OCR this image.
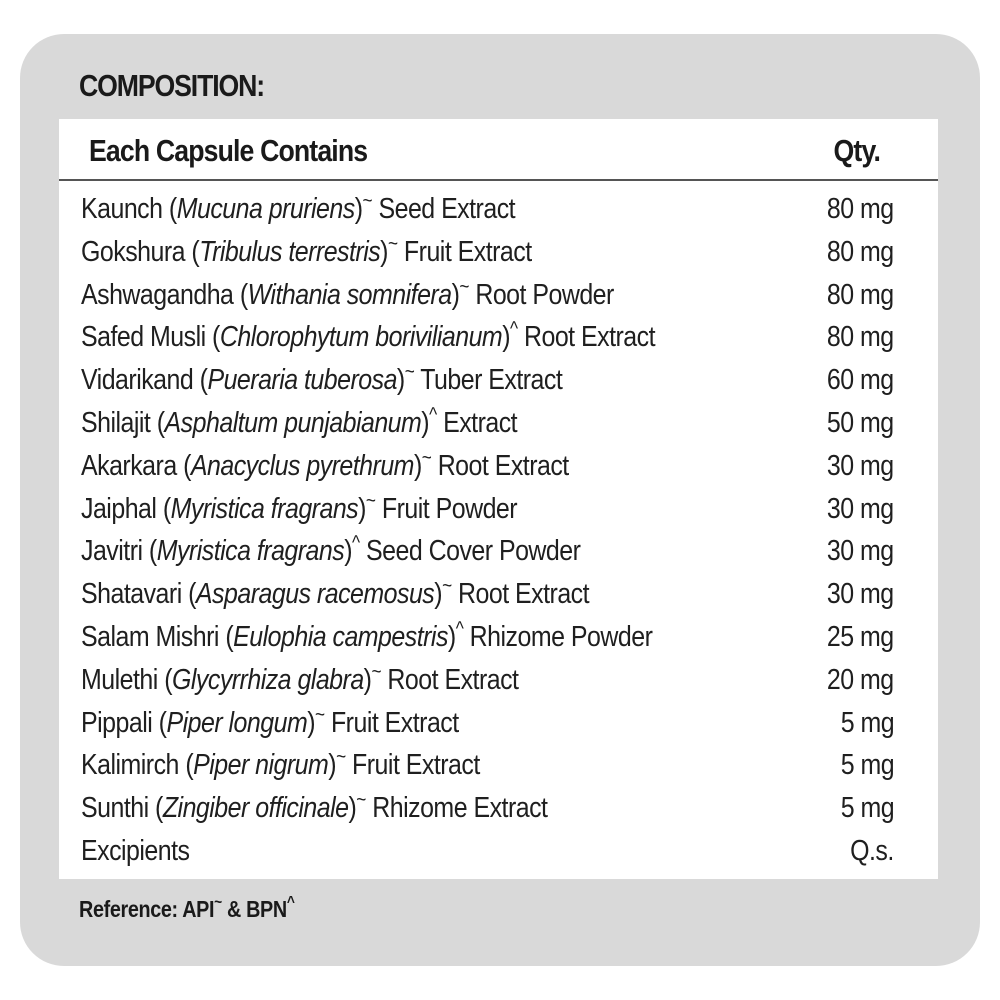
COMPOSITION:
Each Capsule Contains	Qty.
Kaunch (Mucuna pruriens)~ Seed Extract	80 mg
Gokshura (Tribulus terrestris)~ Fruit Extract	80 mg
Ashwagandha (Withania somnifera)~ Root Powder	80 mg
Safed Musli (Chlorophytum borivilianum)^ Root Extract	80 mg
Vidarikand (Pueraria tuberosa)~ Tuber Extract	60 mg
Shilajit (Asphaltum punjabianum)^ Extract	50 mg
Akarkara (Anacyclus pyrethrum)~ Root Extract	30 mg
Jaiphal (Myristica fragrans)~ Fruit Powder	30 mg
Javitri (Myristica fragrans)^ Seed Cover Powder	30 mg
Shatavari (Asparagus racemosus)~ Root Extract	30 mg
Salam Mishri (Eulophia campestris)^ Rhizome Powder	25 mg
Mulethi (Glycyrrhiza glabra)~ Root Extract	20 mg
Pippali (Piper longum)~ Fruit Extract	5 mg
Kalimirch (Piper nigrum)~ Fruit Extract	5 mg
Sunthi (Zingiber officinale)~ Rhizome Extract	5 mg
Excipients	Q.s.
Reference: API~ & BPN^
